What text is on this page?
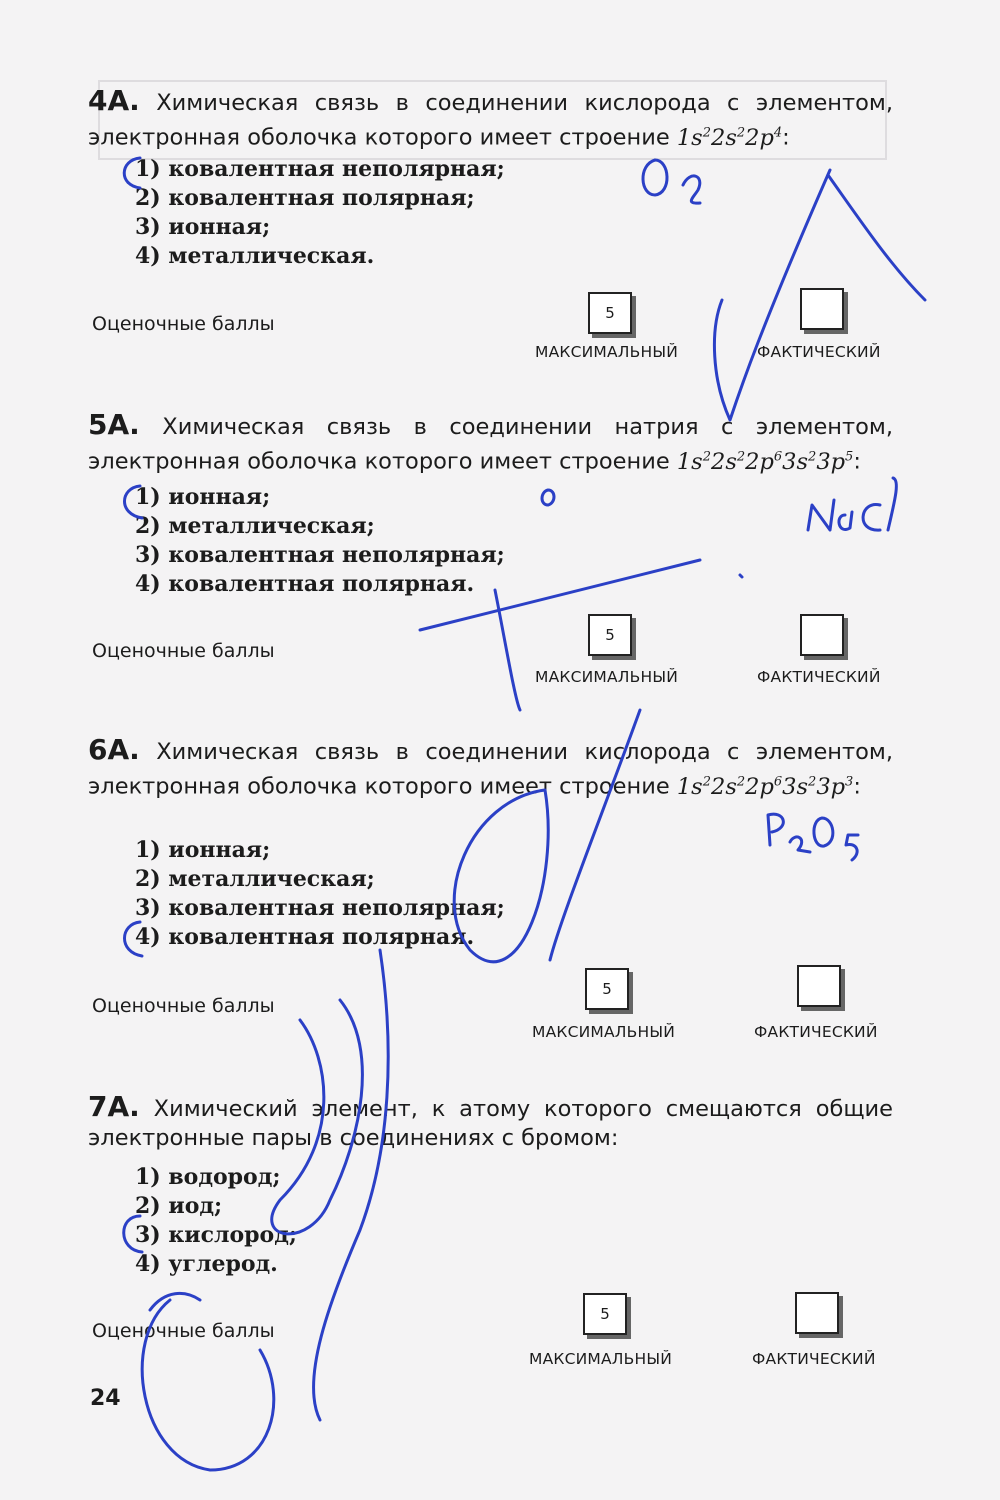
4А. Химическая связь в соединении кислорода с элементом, электронная оболочка которого имеет строение $1s^22s^22p^4$:

1) ковалентная неполярная;
2) ковалентная полярная;
3) ионная;
4) металлическая.
Оценочные баллы	5
МАКСИМАЛЬНЫЙ	ФАКТИЧЕСКИЙ

5А. Химическая связь в соединении натрия с элементом, электронная оболочка которого имеет строение $1s^22s^22p^63s^23p^5$:

1) ионная;
2) металлическая;
3) ковалентная неполярная;
4) ковалентная полярная.
Оценочные баллы
5
МАКСИМАЛЬНЫЙ	ФАКТИЧЕСКИЙ

6А. Химическая связь в соединении кислорода с элементом, электронная оболочка которого имеет строение $1s^22s^22p^63s^23p^3$:

1) ионная;
2) металлическая;
3) ковалентная неполярная;
4) ковалентная полярная.
Оценочные баллы
5
МАКСИМАЛЬНЫЙ	ФАКТИЧЕСКИЙ

7А. Химический элемент, к атому которого смещаются общие электронные пары в соединениях с бромом:

1) водород;
2) иод;
3) кислород;
4) углерод.
Оценочные баллы
5
МАКСИМАЛЬНЫЙ	ФАКТИЧЕСКИЙ
24
